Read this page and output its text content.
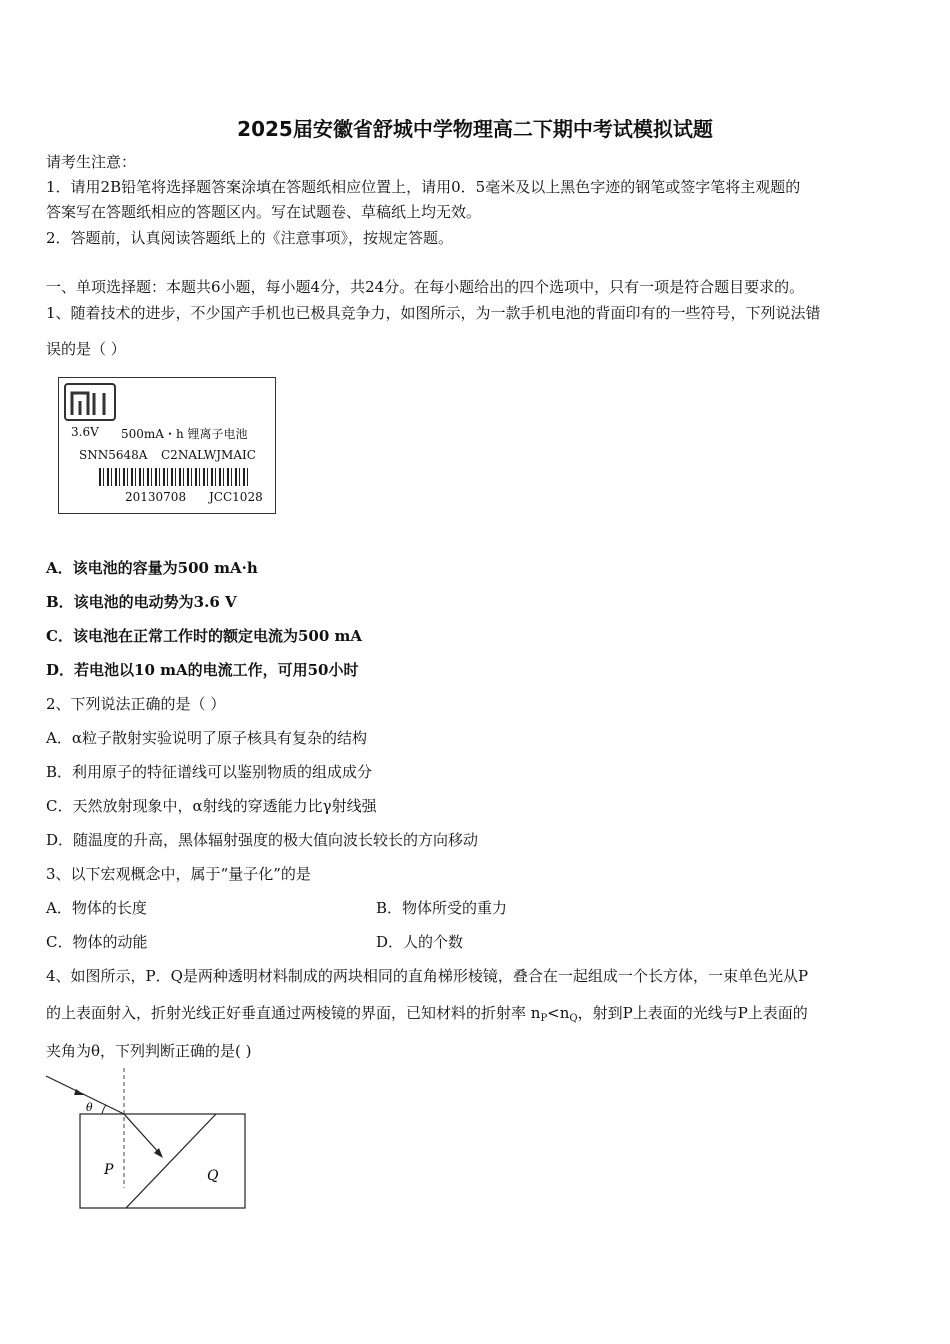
2025届安徽省舒城中学物理高二下期中考试模拟试题
请考生注意：
1．请用2B铅笔将选择题答案涂填在答题纸相应位置上，请用0．5毫米及以上黑色字迹的钢笔或签字笔将主观题的
答案写在答题纸相应的答题区内。写在试题卷、草稿纸上均无效。
2．答题前，认真阅读答题纸上的《注意事项》，按规定答题。
一、单项选择题：本题共6小题，每小题4分，共24分。在每小题给出的四个选项中，只有一项是符合题目要求的。
1、随着技术的进步，不少国产手机也已极具竞争力，如图所示，为一款手机电池的背面印有的一些符号，下列说法错
误的是（ ）
3.6V 500mA・h 锂离子电池
SNN5648A C2NALWJMAIC
20130708 JCC1028
A．该电池的容量为500 mA·h
B．该电池的电动势为3.6 V
C．该电池在正常工作时的额定电流为500 mA
D．若电池以10 mA的电流工作，可用50小时
2、下列说法正确的是（ ）
A．α粒子散射实验说明了原子核具有复杂的结构
B．利用原子的特征谱线可以鉴别物质的组成成分
C．天然放射现象中，α射线的穿透能力比γ射线强
D．随温度的升高，黑体辐射强度的极大值向波长较长的方向移动
3、以下宏观概念中，属于“量子化”的是
A．物体的长度	B．物体所受的重力
C．物体的动能	D．人的个数
4、如图所示，P．Q是两种透明材料制成的两块相同的直角梯形棱镜，叠合在一起组成一个长方体，一束单色光从P
的上表面射入，折射光线正好垂直通过两棱镜的界面，已知材料的折射率 $n_P<n_Q$，射到P上表面的光线与P上表面的
夹角为θ，下列判断正确的是( )
θ
P	Q
